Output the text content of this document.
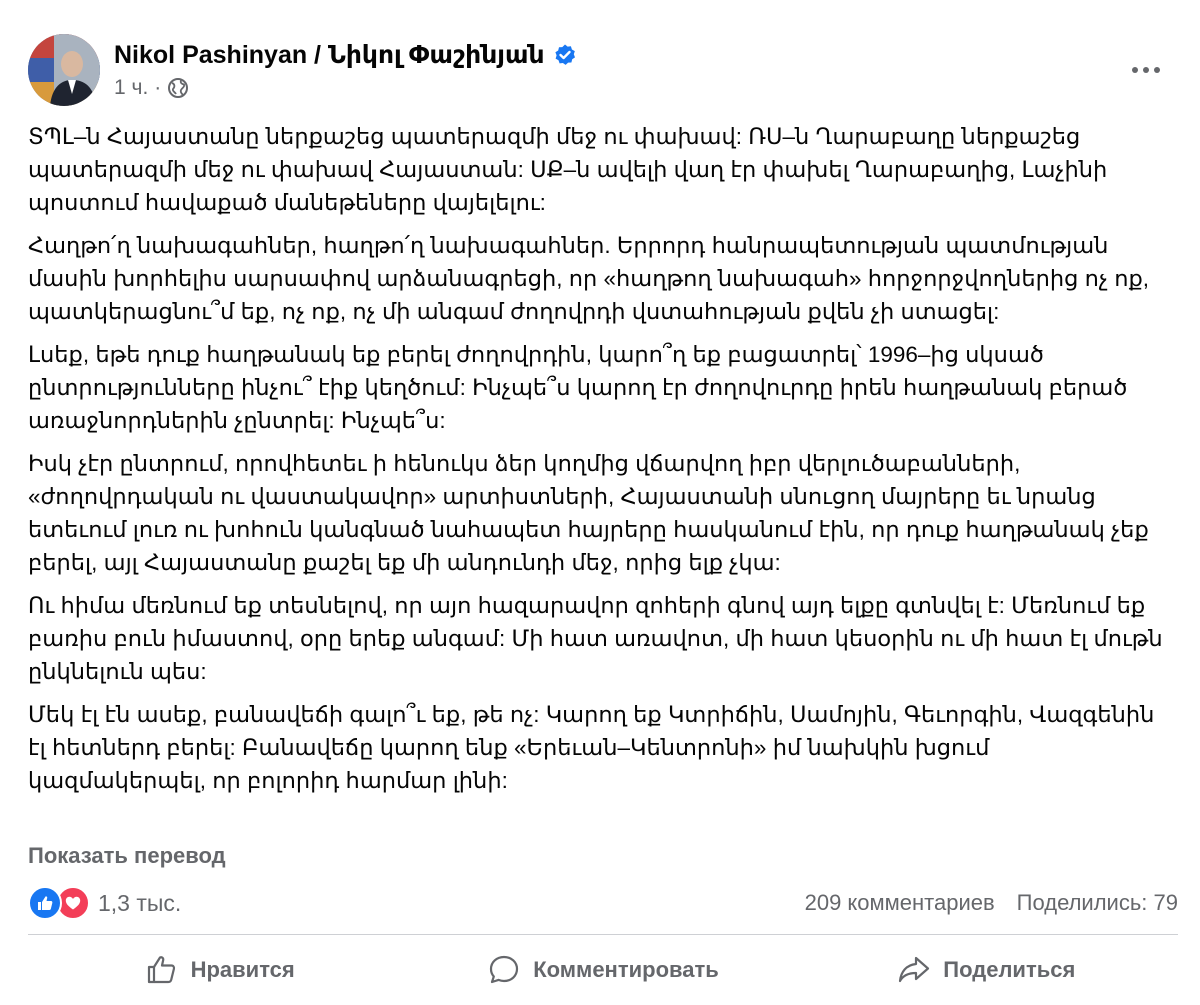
Nikol Pashinyan / Նիկոլ Փաշինյան
1 ч. ·

ՏՊԼ–ն Հայաստանը ներքաշեց պատերազմի մեջ ու փախավ: ՌՍ–ն Ղարաբաղը ներքաշեց պատերազմի մեջ ու փախավ Հայաստան: ՍՔ–ն ավելի վաղ էր փախել Ղարաբաղից, Լաչինի պոստում հավաքած մանեթեները վայելելու:

Հաղթո՛ղ նախագահներ, հաղթո՛ղ նախագահներ. Երրորդ հանրապետության պատմության մասին խորհելիս սարսափով արձանագրեցի, որ «հաղթող նախագահ» հորջորջվողներից ոչ ոք, պատկերացնու՞մ եք, ոչ ոք, ոչ մի անգամ ժողովրդի վստահության քվեն չի ստացել:

Լսեք, եթե դուք հաղթանակ եք բերել ժողովրդին, կարո՞ղ եք բացատրել՝ 1996–ից սկսած ընտրությունները ինչու՞ էիք կեղծում: Ինչպե՞ս կարող էր ժողովուրդը իրեն հաղթանակ բերած առաջնորդներին չընտրել: Ինչպե՞ս:

Իսկ չէր ընտրում, որովհետեւ ի հենուկս ձեր կողմից վճարվող իբր վերլուծաբանների, «ժողովրդական ու վաստակավոր» արտիստների, Հայաստանի սնուցող մայրերը եւ նրանց ետեւում լուռ ու խոհուն կանգնած նահապետ հայրերը հասկանում էին, որ դուք հաղթանակ չեք բերել, այլ Հայաստանը քաշել եք մի անդունդի մեջ, որից ելք չկա:

Ու հիմա մեռնում եք տեսնելով, որ այո հազարավոր զոհերի գնով այդ ելքը գտնվել է: Մեռնում եք բառիս բուն իմաստով, օրը երեք անգամ: Մի հատ առավոտ, մի հատ կեսօրին ու մի հատ էլ մութն ընկնելուն պես:

Մեկ էլ էն ասեք, բանավեճի գալո՞ւ եք, թե ոչ: Կարող եք Կտրիճին, Սամոյին, Գեւորգին, Վազգենին էլ հետներդ բերել: Բանավեճը կարող ենք «Երեւան–Կենտրոնի» իմ նախկին խցում կազմակերպել, որ բոլորիդ հարմար լինի:

Показать перевод
1,3 тыс.	209 комментариев Поделились: 79
Нравится	Комментировать	Поделиться
